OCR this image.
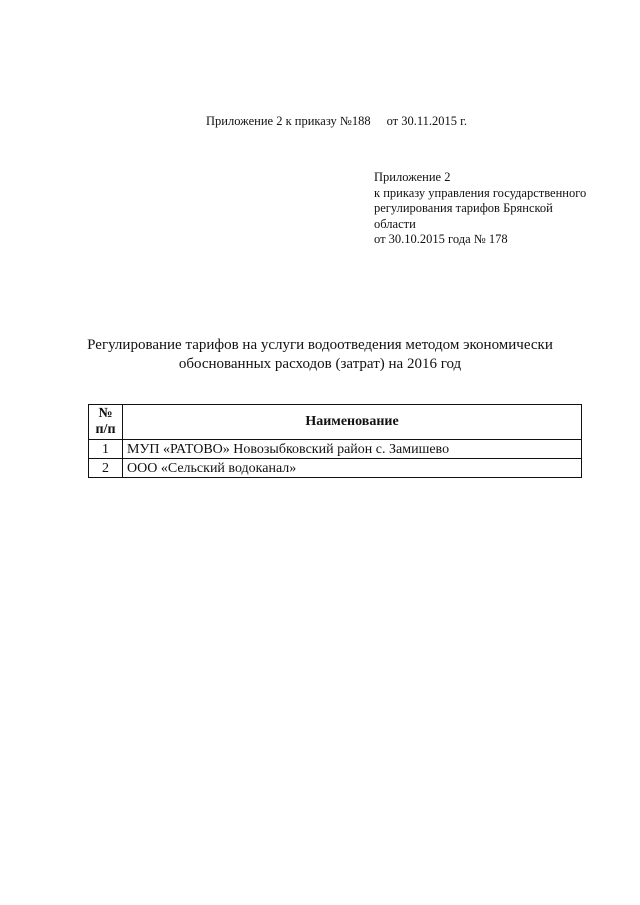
Приложение 2 к приказу №188 от 30.11.2015 г.
Приложение 2
к приказу управления государственного
регулирования тарифов Брянской
области
от 30.10.2015 года № 178
Регулирование тарифов на услуги водоотведения методом экономически
обоснованных расходов (затрат) на 2016 год
№
п/п	Наименование
1	МУП «РАТОВО» Новозыбковский район с. Замишево
2	ООО «Сельский водоканал»
